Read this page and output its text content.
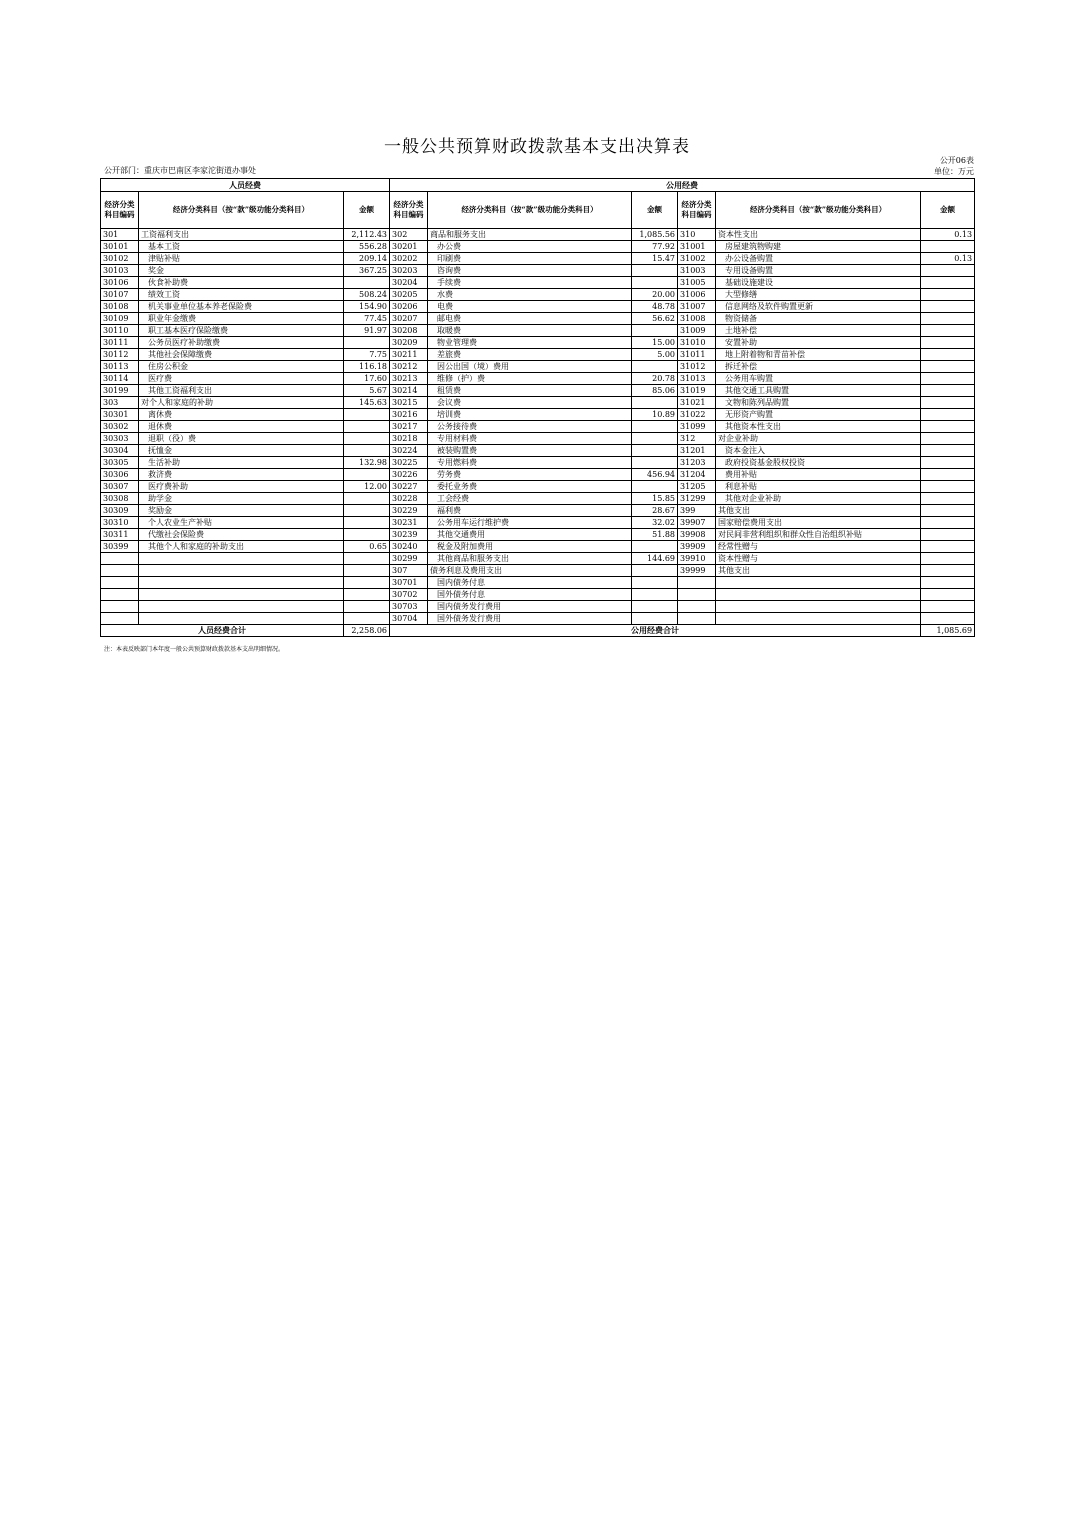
一般公共预算财政拨款基本支出决算表
公开部门：重庆市巴南区李家沱街道办事处
公开06表
单位：万元
人员经费			公用经费					
经济分类科目编码	经济分类科目（按“款”级功能分类科目）	金额	经济分类科目编码	经济分类科目（按“款”级功能分类科目）	金额	经济分类科目编码	经济分类科目（按“款”级功能分类科目）	金额
301	工资福利支出	2,112.43	302	商品和服务支出	1,085.56	310	资本性支出	0.13
30101	基本工资	556.28	30201	办公费	77.92	31001	房屋建筑物购建	
30102	津贴补贴	209.14	30202	印刷费	15.47	31002	办公设备购置	0.13
30103	奖金	367.25	30203	咨询费		31003	专用设备购置	
30106	伙食补助费		30204	手续费		31005	基础设施建设	
30107	绩效工资	508.24	30205	水费	20.00	31006	大型修缮	
30108	机关事业单位基本养老保险费	154.90	30206	电费	48.78	31007	信息网络及软件购置更新	
30109	职业年金缴费	77.45	30207	邮电费	56.62	31008	物资储备	
30110	职工基本医疗保险缴费	91.97	30208	取暖费		31009	土地补偿	
30111	公务员医疗补助缴费		30209	物业管理费	15.00	31010	安置补助	
30112	其他社会保障缴费	7.75	30211	差旅费	5.00	31011	地上附着物和青苗补偿	
30113	住房公积金	116.18	30212	因公出国（境）费用		31012	拆迁补偿	
30114	医疗费	17.60	30213	维修（护）费	20.78	31013	公务用车购置	
30199	其他工资福利支出	5.67	30214	租赁费	85.06	31019	其他交通工具购置	
303	对个人和家庭的补助	145.63	30215	会议费		31021	文物和陈列品购置	
30301	离休费		30216	培训费	10.89	31022	无形资产购置	
30302	退休费		30217	公务接待费		31099	其他资本性支出	
30303	退职（役）费		30218	专用材料费		312	对企业补助	
30304	抚恤金		30224	被装购置费		31201	资本金注入	
30305	生活补助	132.98	30225	专用燃料费		31203	政府投资基金股权投资	
30306	救济费		30226	劳务费	456.94	31204	费用补贴	
30307	医疗费补助	12.00	30227	委托业务费		31205	利息补贴	
30308	助学金		30228	工会经费	15.85	31299	其他对企业补助	
30309	奖励金		30229	福利费	28.67	399	其他支出	
30310	个人农业生产补贴		30231	公务用车运行维护费	32.02	39907	国家赔偿费用支出	
30311	代缴社会保险费		30239	其他交通费用	51.88	39908	对民间非营利组织和群众性自治组织补贴	
30399	其他个人和家庭的补助支出	0.65	30240	税金及附加费用		39909	经常性赠与	
			30299	其他商品和服务支出	144.69	39910	资本性赠与	
			307	债务利息及费用支出		39999	其他支出	
			30701	国内债务付息				
			30702	国外债务付息				
			30703	国内债务发行费用				
			30704	国外债务发行费用				
人员经费合计		2,258.06	公用经费合计					1,085.69
注：本表反映部门本年度一般公共预算财政拨款基本支出明细情况。
